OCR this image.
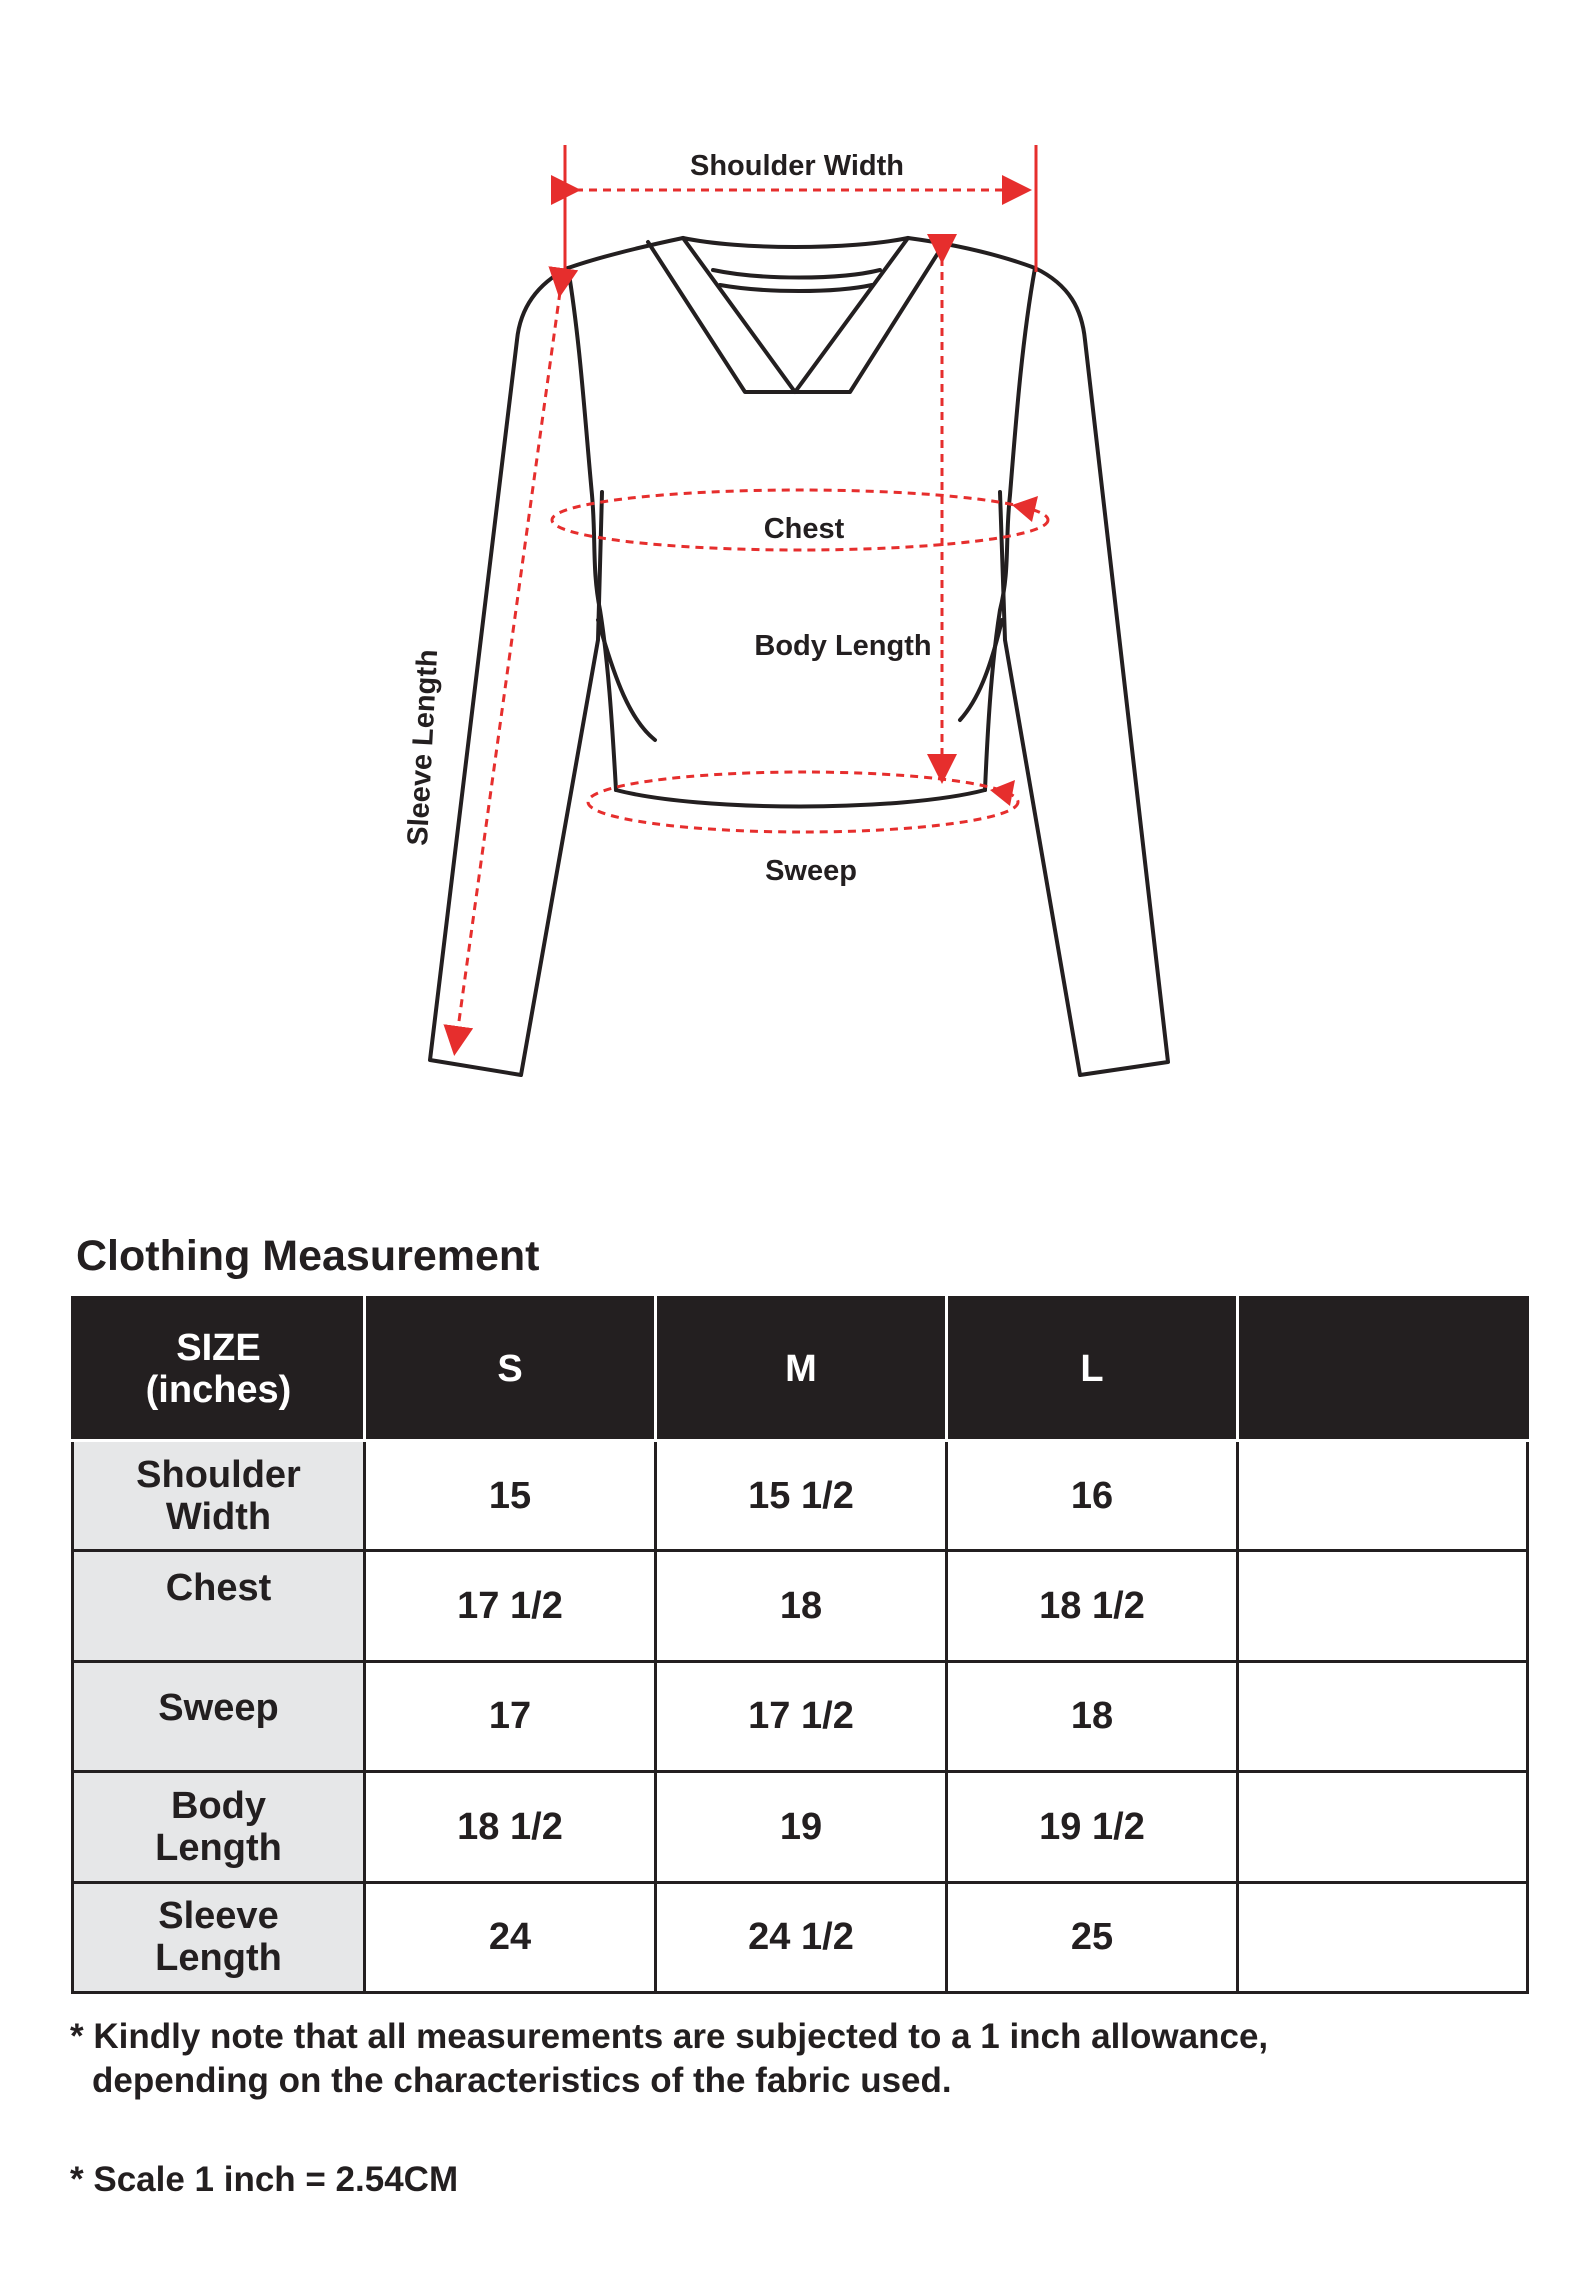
Shoulder Width
Chest
Body Length
Sweep
Sleeve Length
Clothing Measurement
SIZE
(inches)	S	M	L	
Shoulder
Width	15	15 1/2	16	
Chest	17 1/2	18	18 1/2	
Sweep	17	17 1/2	18	
Body
Length	18 1/2	19	19 1/2	
Sleeve
Length	24	24 1/2	25	

* Kindly note that all measurements are subjected to a 1 inch allowance,
depending on the characteristics of the fabric used.

* Scale 1 inch = 2.54CM
